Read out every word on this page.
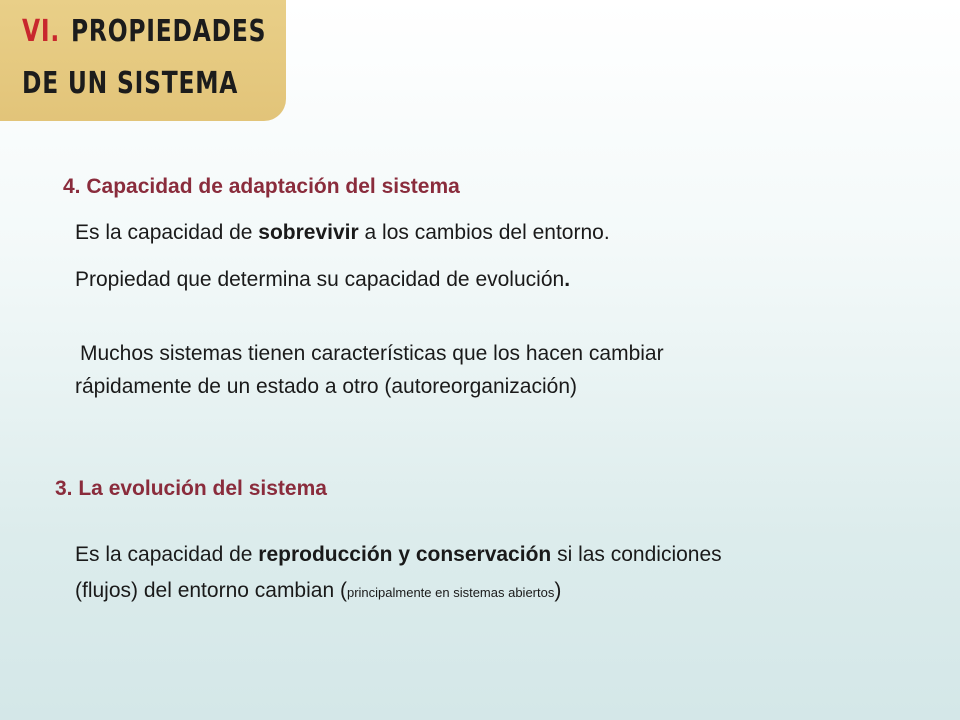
VI. PROPIEDADES
DE UN SISTEMA
4. Capacidad de adaptación del sistema
Es la capacidad de sobrevivir a los cambios del entorno.
Propiedad que determina su capacidad de evolución.
Muchos sistemas tienen características que los hacen cambiar
rápidamente de un estado a otro (autoreorganización)
3. La evolución del sistema
Es la capacidad de reproducción y conservación si las condiciones
(flujos) del entorno cambian (principalmente en sistemas abiertos)
